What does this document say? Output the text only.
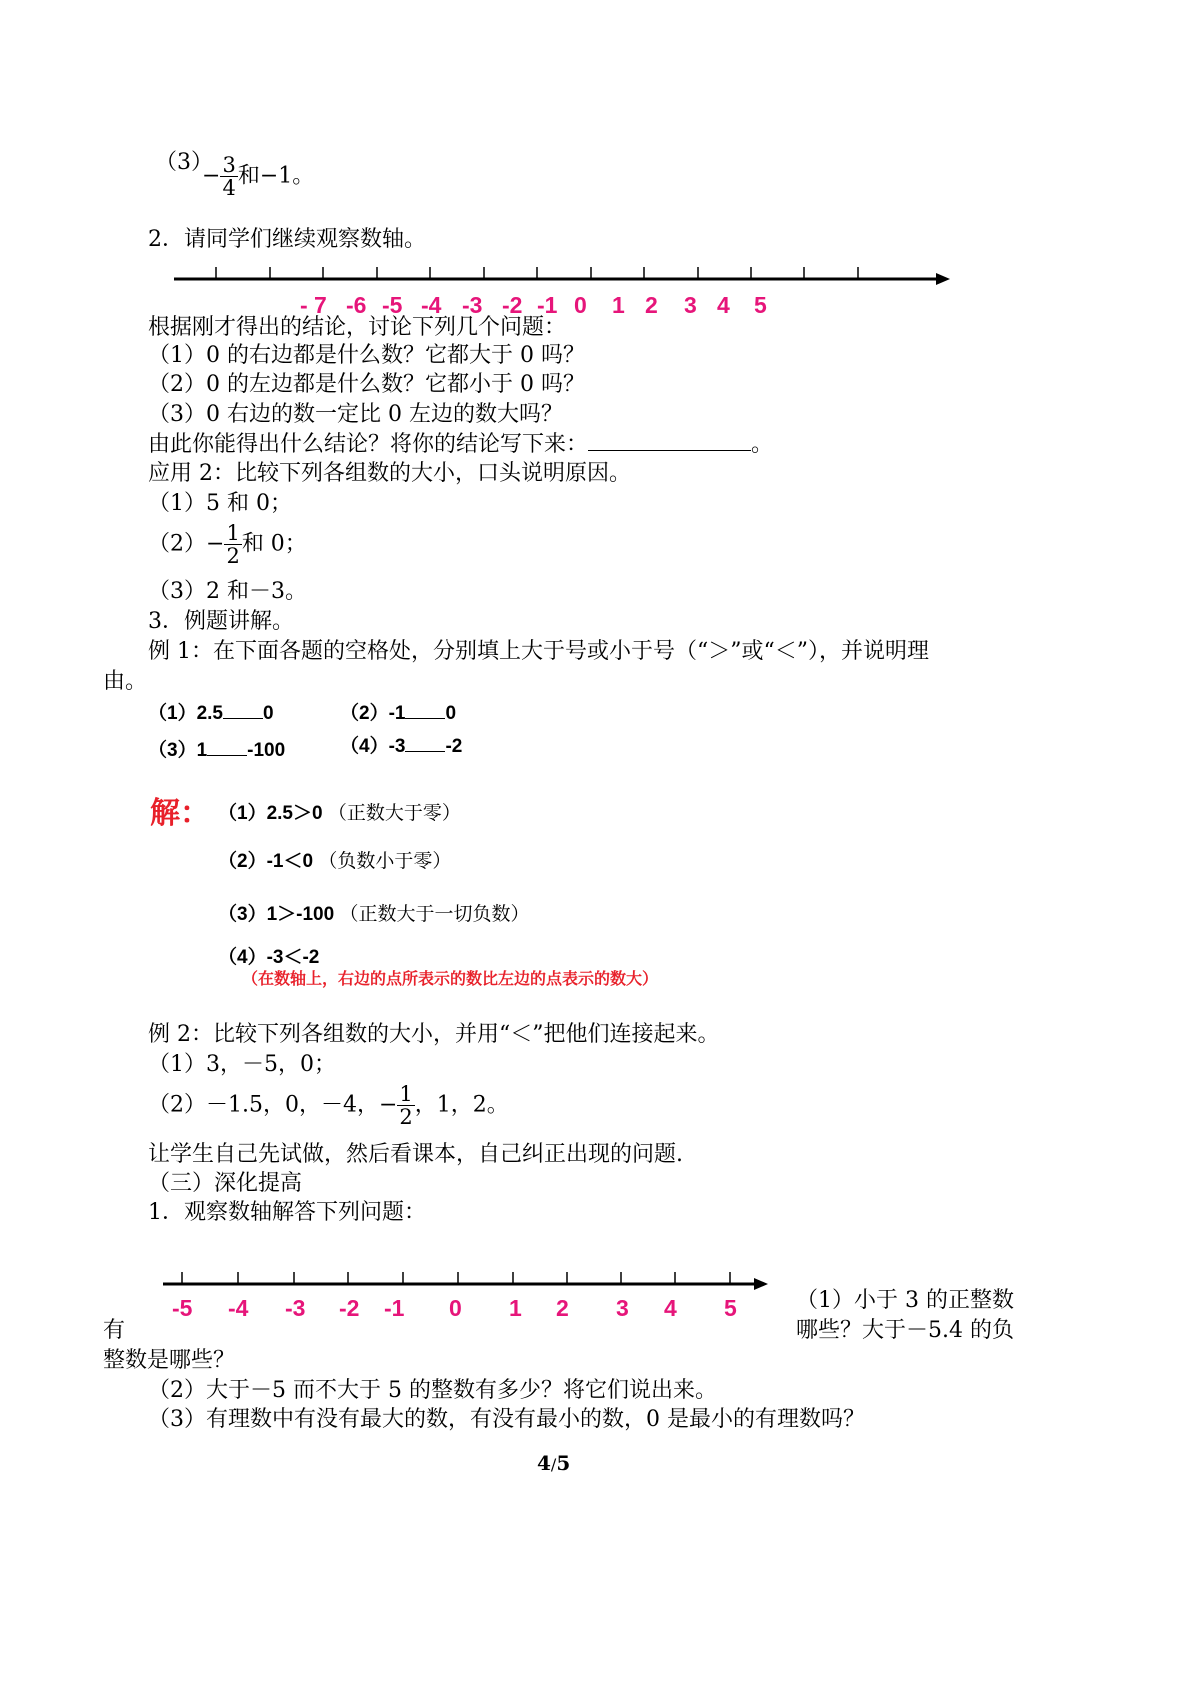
（3）
− $\frac{3}{4}$ 和−1。
2．请同学们继续观察数轴。
- 7 -6 -5 -4 -3 -2 -1 0 1 2 3 4 5
根据刚才得出的结论，讨论下列几个问题：
（1）0 的右边都是什么数？它都大于 0 吗？
（2）0 的左边都是什么数？它都小于 0 吗？
（3）0 右边的数一定比 0 左边的数大吗？
由此你能得出什么结论？将你的结论写下来：	。
应用 2：比较下列各组数的大小，口头说明原因。
（1）5 和 0；
$(2)- \frac{1}{2}$ 和 0；
（3）2 和－3。
3．例题讲解。
例 1：在下面各题的空格处，分别填上大于号或小于号（“＞”或“＜”），并说明理
由。
（1）2.5 0	（2）-1 0
（3）1 -100	（4）-3 -2
解： （1）2.5＞0 （正数大于零）
（2）-1＜0 （负数小于零）
（3）1＞-100 （正数大于一切负数）
（4）-3＜-2
（在数轴上，右边的点所表示的数比左边的点表示的数大）
例 2：比较下列各组数的大小，并用“＜”把他们连接起来。
（1）3，－5，0；
（2）－1.5，0，－4，− $\frac{1}{2}$ ，1，2。
让学生自己先试做，然后看课本，自己纠正出现的问题.
（三）深化提高
1．观察数轴解答下列问题：
-5 -4 -3 -2 -1 0 1 2 3 4 5	（1）小于 3 的正整数
哪些？大于－5.4 的负
有
整数是哪些？
（2）大于－5 而不大于 5 的整数有多少？将它们说出来。
（3）有理数中有没有最大的数，有没有最小的数，0 是最小的有理数吗？
4/5
